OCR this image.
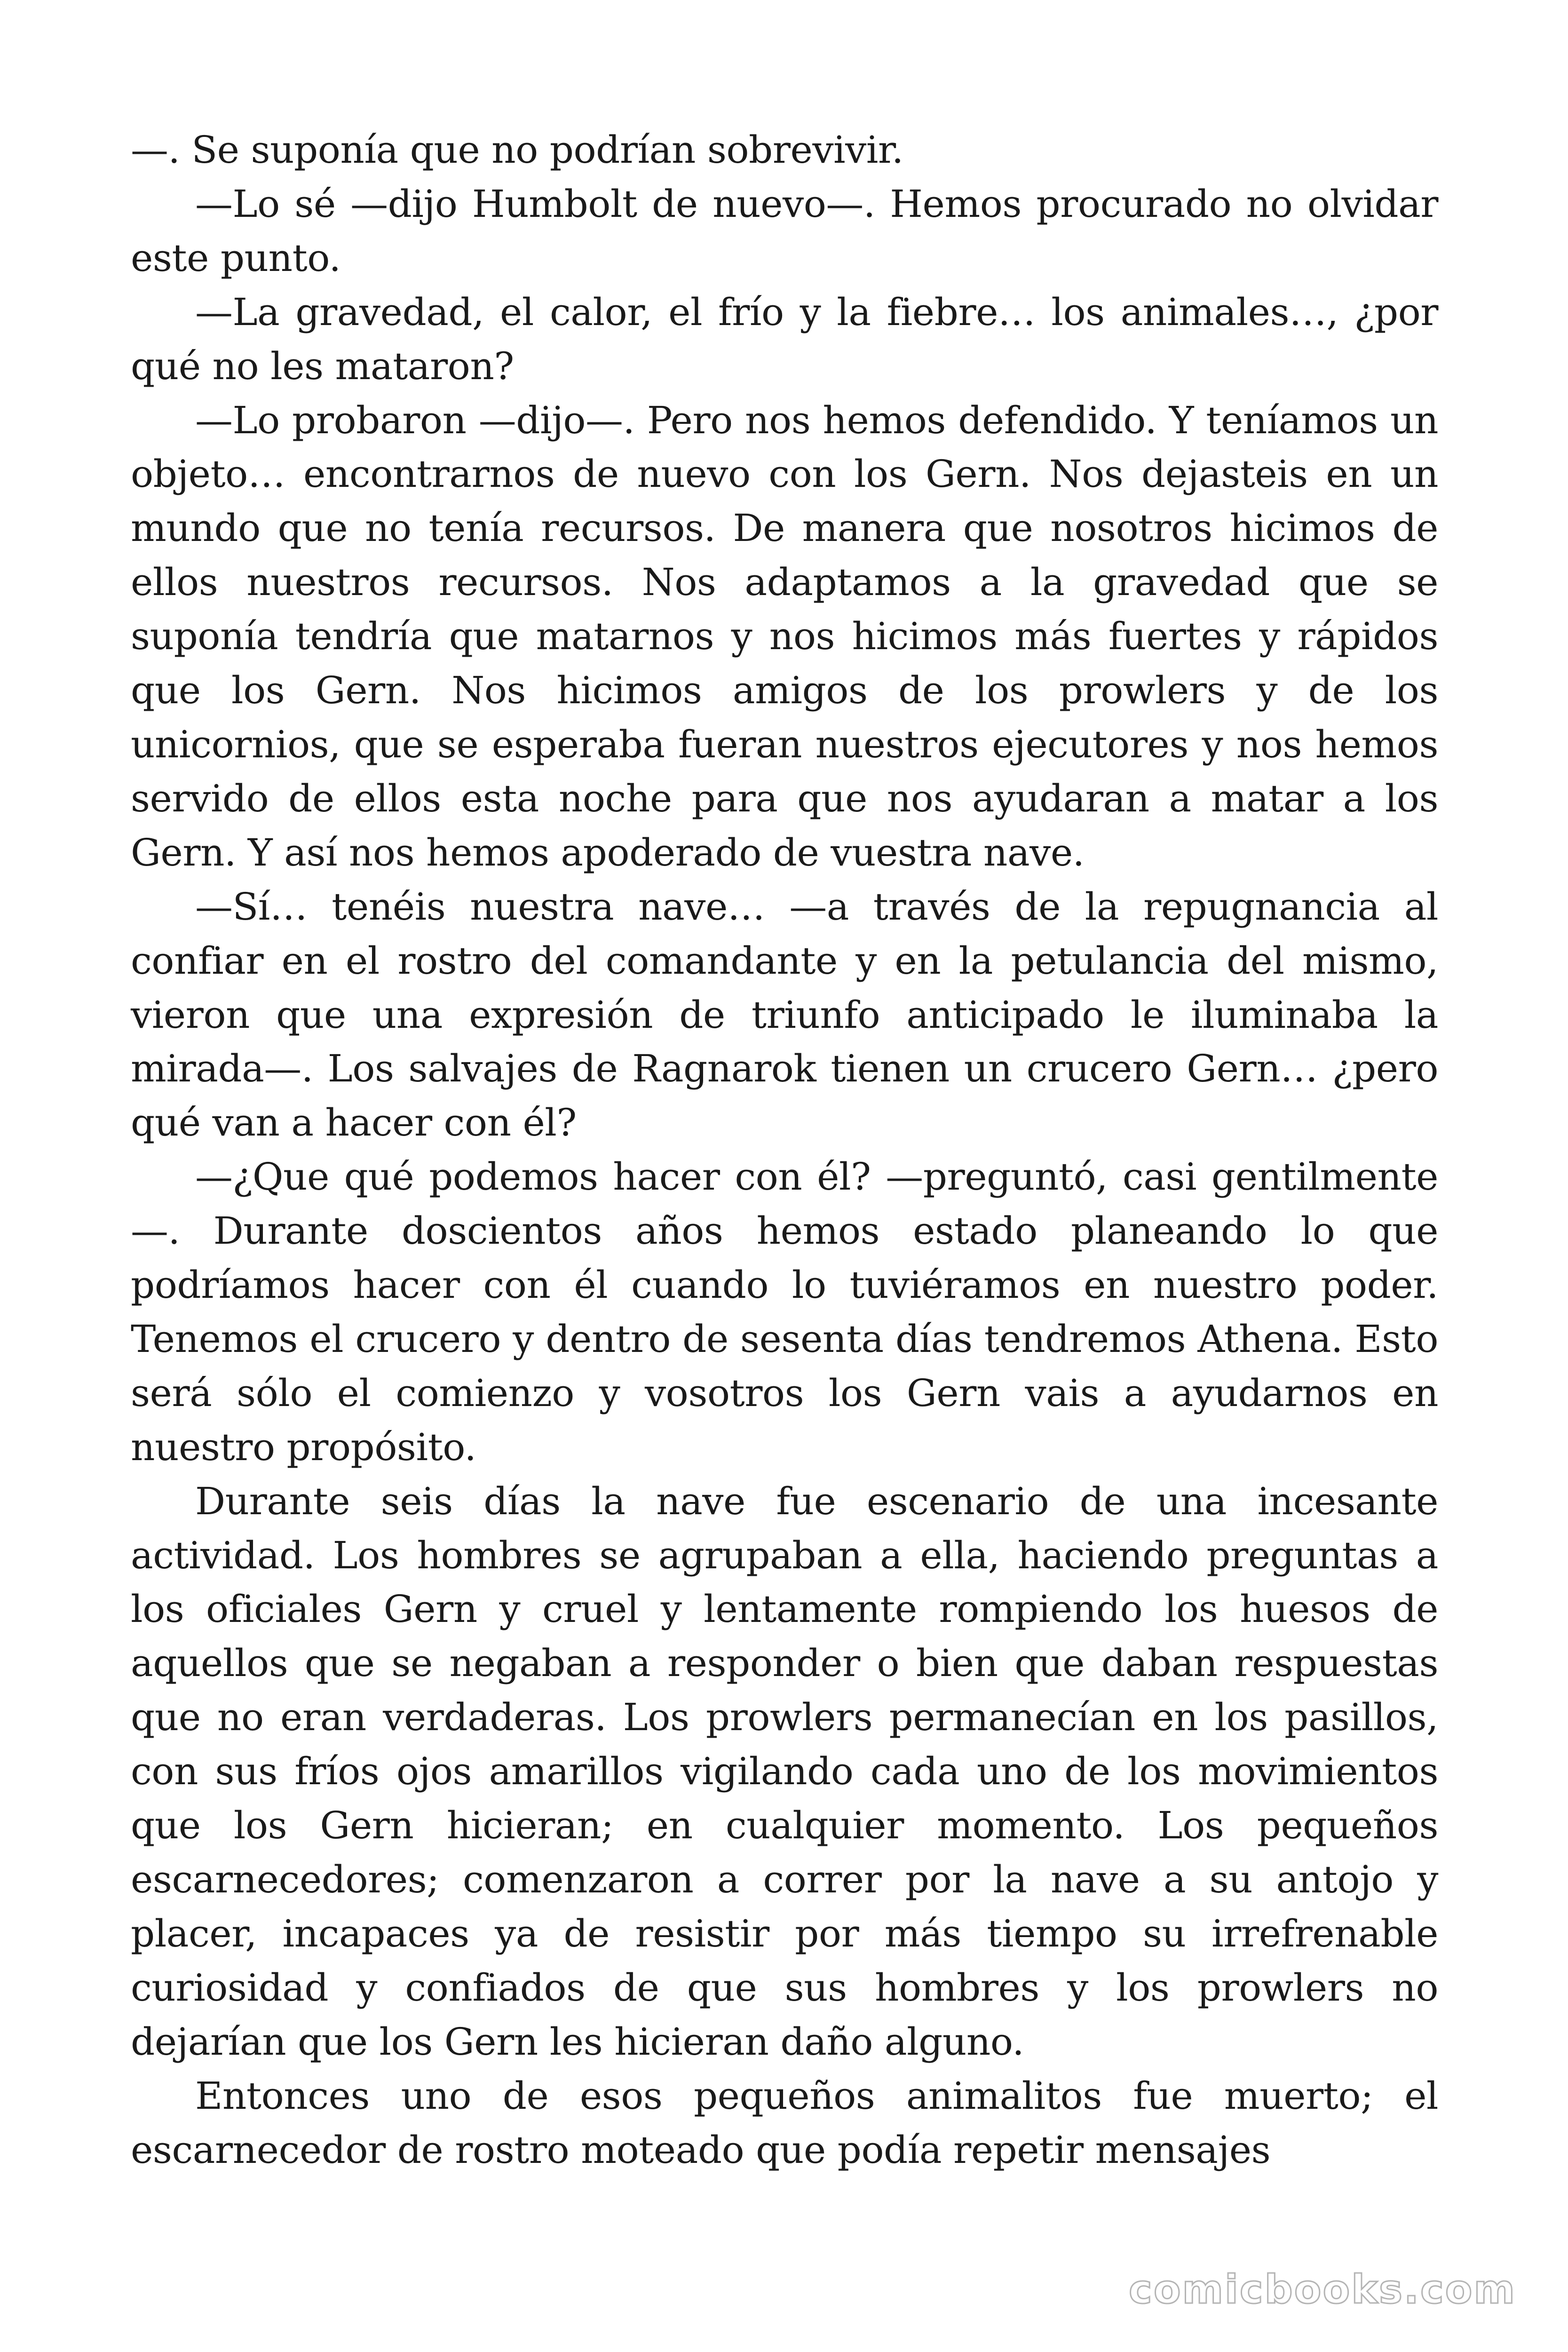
—. Se suponía que no podrían sobrevivir.

—Lo sé —dijo Humbolt de nuevo—. Hemos procurado no olvidar este punto.

—La gravedad, el calor, el frío y la fiebre… los animales…, ¿por qué no les mataron?

—Lo probaron —dijo—. Pero nos hemos defendido. Y teníamos un objeto… encontrarnos de nuevo con los Gern. Nos dejasteis en un mundo que no tenía recursos. De manera que nosotros hicimos de ellos nuestros recursos. Nos adaptamos a la gravedad que se suponía tendría que matarnos y nos hicimos más fuertes y rápidos que los Gern. Nos hicimos amigos de los prowlers y de los unicornios, que se esperaba fueran nuestros ejecutores y nos hemos servido de ellos esta noche para que nos ayudaran a matar a los Gern. Y así nos hemos apoderado de vuestra nave.

—Sí… tenéis nuestra nave… —a través de la repugnancia al confiar en el rostro del comandante y en la petulancia del mismo, vieron que una expresión de triunfo anticipado le iluminaba la mirada—. Los salvajes de Ragnarok tienen un crucero Gern… ¿pero qué van a hacer con él?

—¿Que qué podemos hacer con él? —preguntó, casi gentilmente —. Durante doscientos años hemos estado planeando lo que podríamos hacer con él cuando lo tuviéramos en nuestro poder. Tenemos el crucero y dentro de sesenta días tendremos Athena. Esto será sólo el comienzo y vosotros los Gern vais a ayudarnos en nuestro propósito.

Durante seis días la nave fue escenario de una incesante actividad. Los hombres se agrupaban a ella, haciendo preguntas a los oficiales Gern y cruel y lentamente rompiendo los huesos de aquellos que se negaban a responder o bien que daban respuestas que no eran verdaderas. Los prowlers permanecían en los pasillos, con sus fríos ojos amarillos vigilando cada uno de los movimientos que los Gern hicieran; en cualquier momento. Los pequeños escarnecedores; comenzaron a correr por la nave a su antojo y placer, incapaces ya de resistir por más tiempo su irrefrenable curiosidad y confiados de que sus hombres y los prowlers no dejarían que los Gern les hicieran daño alguno.

Entonces uno de esos pequeños animalitos fue muerto; el escarnecedor de rostro moteado que podía repetir mensajes

comicbooks.com
